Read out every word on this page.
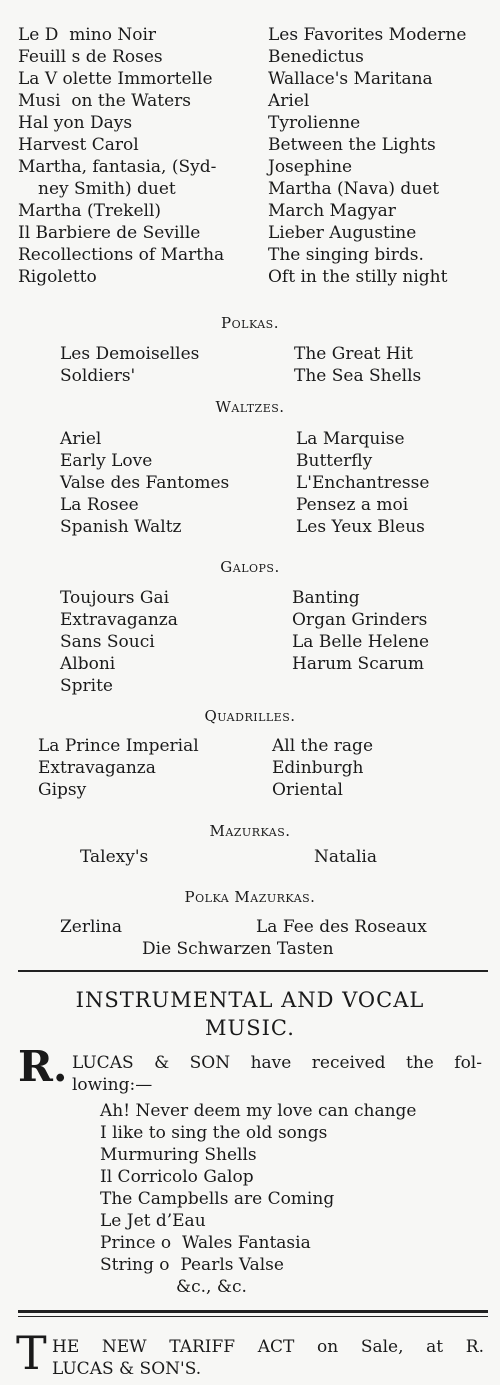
Le D  mino Noir
Feuill s de Roses
La V olette Immortelle
Musi  on the Waters
Hal yon Days
Harvest Carol
Martha, fantasia, (Syd-
ney Smith) duet
Martha (Trekell)
Il Barbiere de Seville
Recollections of Martha
Rigoletto
Les Favorites Moderne
Benedictus
Wallace's Maritana
Ariel
Tyrolienne
Between the Lights
Josephine
Martha (Nava) duet
March Magyar
Lieber Augustine
The singing birds.
Oft in the stilly night
Polkas.
Les Demoiselles
Soldiers'
The Great Hit
The Sea Shells
Waltzes.
Ariel
Early Love
Valse des Fantomes
La Rosee
Spanish Waltz
La Marquise
Butterfly
L'Enchantresse
Pensez a moi
Les Yeux Bleus
Galops.
Toujours Gai
Extravaganza
Sans Souci
Alboni
Sprite
Banting
Organ Grinders
La Belle Helene
Harum Scarum
Quadrilles.
La Prince Imperial
Extravaganza
Gipsy
All the rage
Edinburgh
Oriental
Mazurkas.
Talexy's	Natalia
Polka Mazurkas.
Zerlina	La Fee des Roseaux
Die Schwarzen Tasten
INSTRUMENTAL AND VOCAL
MUSIC.
R. LUCAS & SON have received the fol-
lowing:—
Ah! Never deem my love can change
I like to sing the old songs
Murmuring Shells
Il Corricolo Galop
The Campbells are Coming
Le Jet d’Eau
Prince o  Wales Fantasia
String o  Pearls Valse
&c., &c.
T HE NEW TARIFF ACT on Sale, at R.
LUCAS & SON'S.
